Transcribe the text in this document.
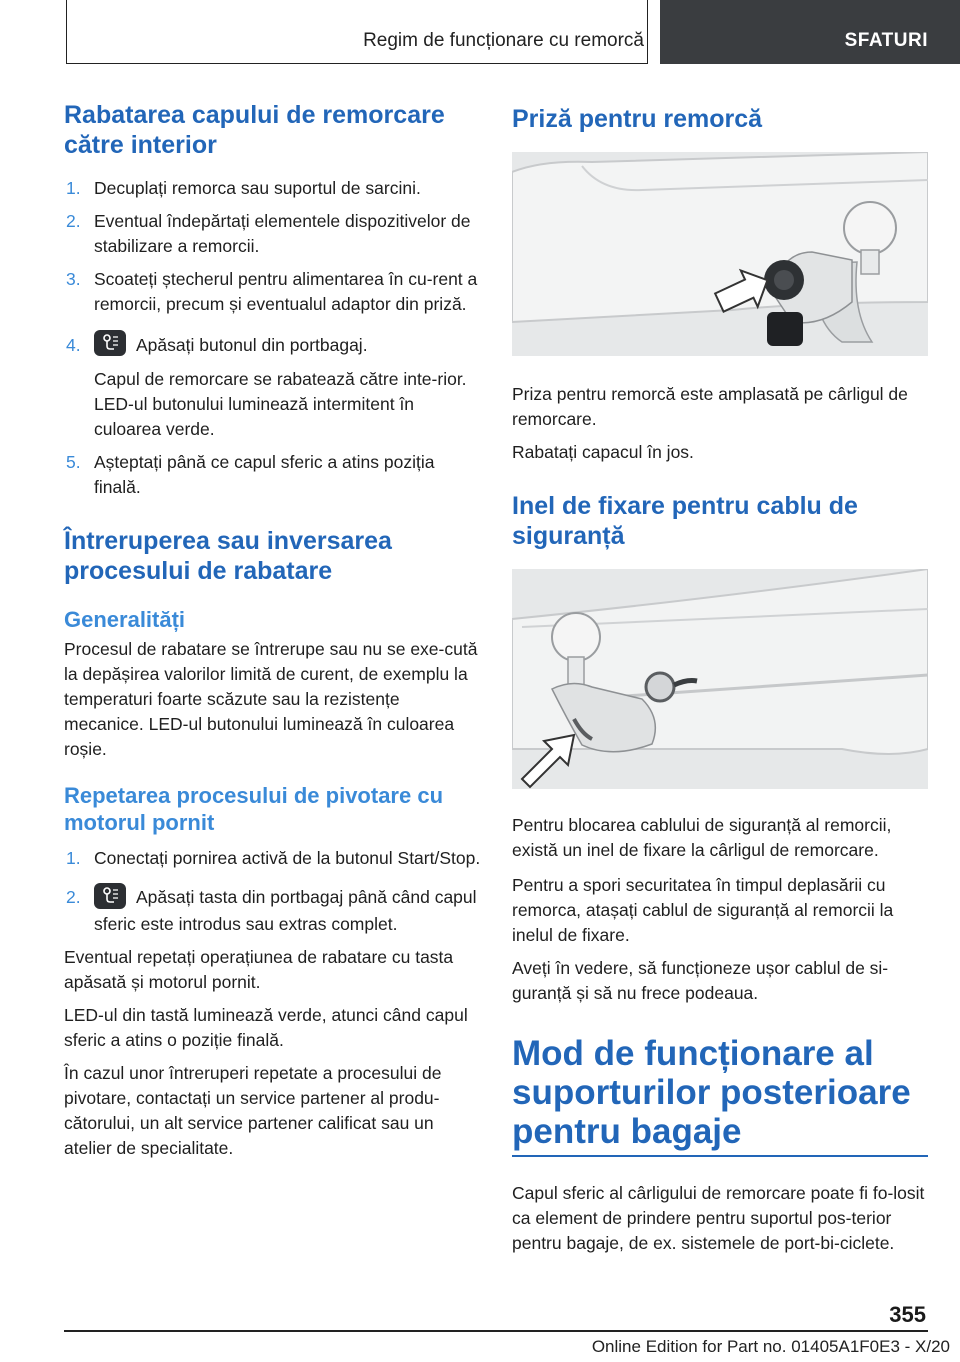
Regim de funcționare cu remorcă	SFATURI
Rabatarea capului de remorcare către interior
1. Decuplați remorca sau suportul de sarcini.
2. Eventual îndepărtați elementele dispozitivelor de stabilizare a remorcii.
3. Scoateți ștecherul pentru alimentarea în cu-rent a remorcii, precum și eventualul adaptor din priză.
4.	Apăsați butonul din portbagaj.
Capul de remorcare se rabatează către inte-rior. LED-ul butonului luminează intermitent în culoarea verde.
5. Așteptați până ce capul sferic a atins poziția finală.
Întreruperea sau inversarea procesului de rabatare
Generalități

Procesul de rabatare se întrerupe sau nu se exe-cută la depășirea valorilor limită de curent, de exemplu la temperaturi foarte scăzute sau la rezistențe mecanice. LED-ul butonului luminează în culoarea roșie.

Repetarea procesului de pivotare cu motorul pornit
1. Conectați pornirea activă de la butonul Start/Stop.
2.	Apăsați tasta din portbagaj până când capul sferic este introdus sau extras complet.

Eventual repetați operațiunea de rabatare cu tasta apăsată și motorul pornit.

LED-ul din tastă luminează verde, atunci când capul sferic a atins o poziție finală.

În cazul unor întreruperi repetate a procesului de pivotare, contactați un service partener al produ-cătorului, un alt service partener calificat sau un atelier de specialitate.

Priză pentru remorcă

Priza pentru remorcă este amplasată pe cârligul de remorcare.

Rabatați capacul în jos.

Inel de fixare pentru cablu de siguranță

Pentru blocarea cablului de siguranță al remorcii, există un inel de fixare la cârligul de remorcare.

Pentru a spori securitatea în timpul deplasării cu remorca, atașați cablul de siguranță al remorcii la inelul de fixare.

Aveți în vedere, să funcționeze ușor cablul de si-guranță și să nu frece podeaua.

Mod de funcționare al suporturilor posterioare pentru bagaje

Capul sferic al cârligului de remorcare poate fi fo-losit ca element de prindere pentru suportul pos-terior pentru bagaje, de ex. sistemele de port-bi-ciclete.

355
Online Edition for Part no. 01405A1F0E3 - X/20
